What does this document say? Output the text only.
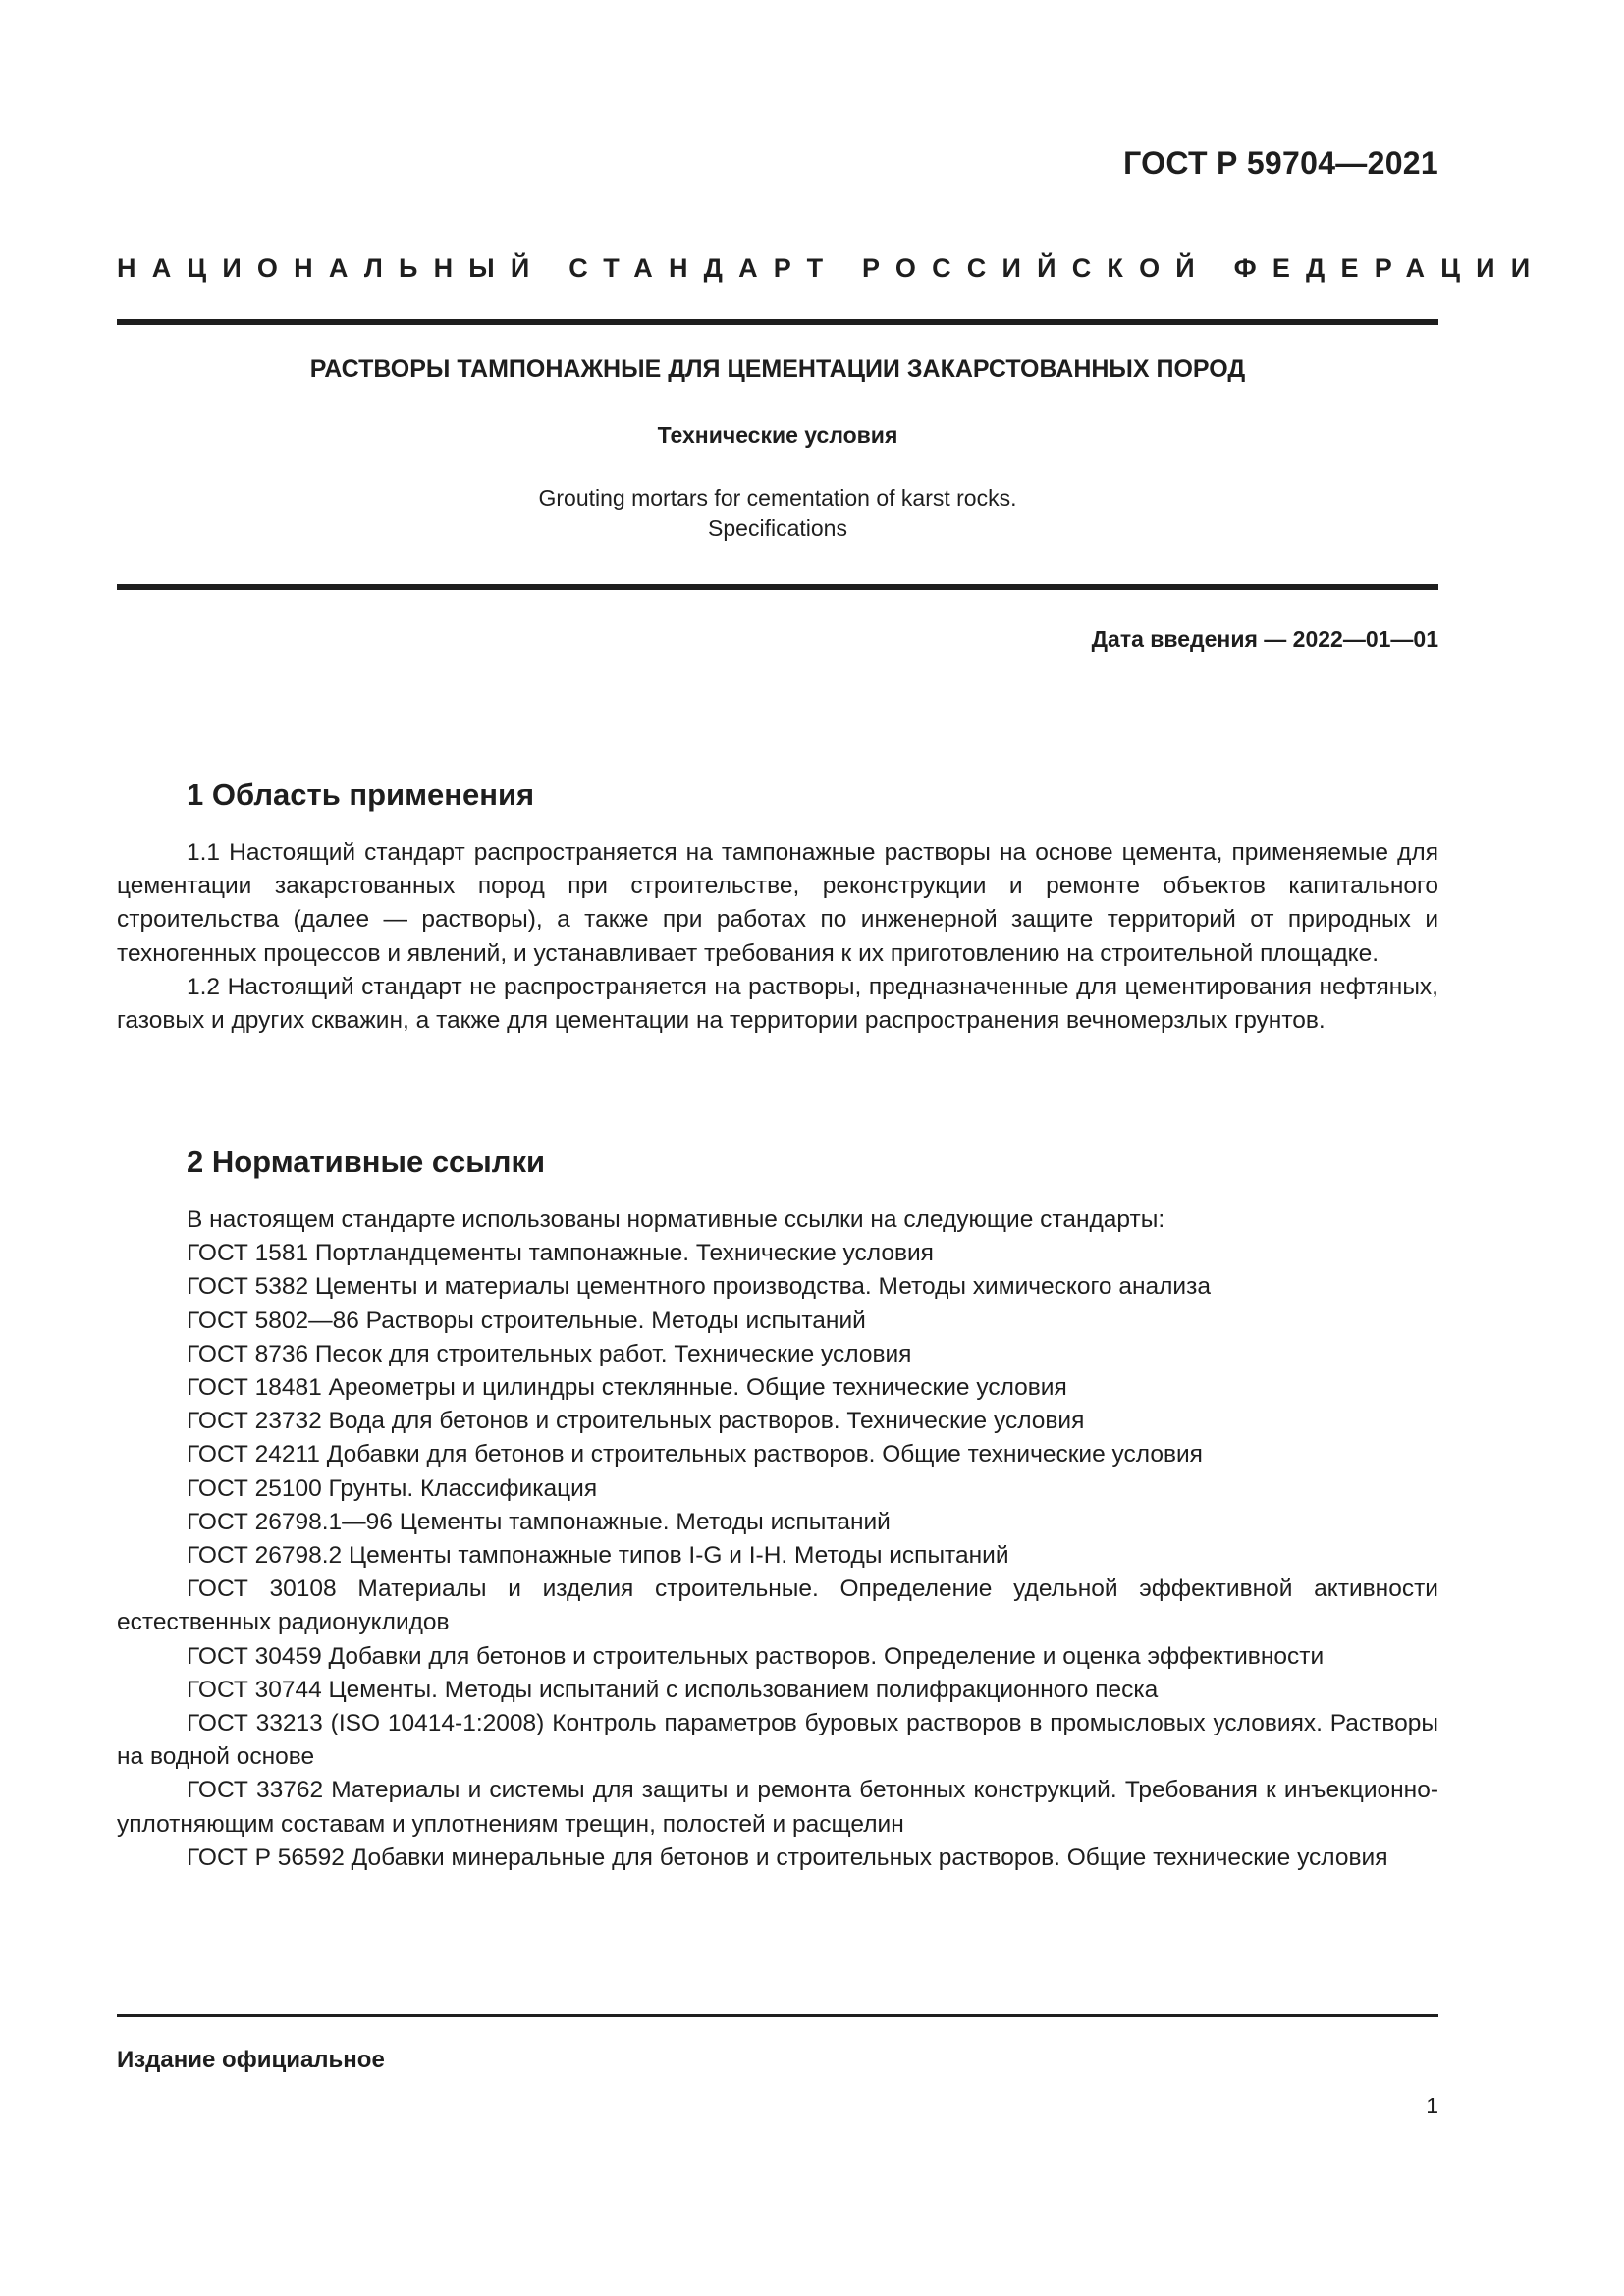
ГОСТ Р 59704—2021
НАЦИОНАЛЬНЫЙ СТАНДАРТ РОССИЙСКОЙ ФЕДЕРАЦИИ
РАСТВОРЫ ТАМПОНАЖНЫЕ ДЛЯ ЦЕМЕНТАЦИИ ЗАКАРСТОВАННЫХ ПОРОД
Технические условия
Grouting mortars for cementation of karst rocks.
Specifications
Дата введения — 2022—01—01
1 Область применения

1.1 Настоящий стандарт распространяется на тампонажные растворы на основе цемента, применяемые для цементации закарстованных пород при строительстве, реконструкции и ремонте объектов капитального строительства (далее — растворы), а также при работах по инженерной защите территорий от природных и техногенных процессов и явлений, и устанавливает требования к их приготовлению на строительной площадке.

1.2 Настоящий стандарт не распространяется на растворы, предназначенные для цементирования нефтяных, газовых и других скважин, а также для цементации на территории распространения вечномерзлых грунтов.

2 Нормативные ссылки
В настоящем стандарте использованы нормативные ссылки на следующие стандарты:
ГОСТ 1581 Портландцементы тампонажные. Технические условия
ГОСТ 5382 Цементы и материалы цементного производства. Методы химического анализа
ГОСТ 5802—86 Растворы строительные. Методы испытаний
ГОСТ 8736 Песок для строительных работ. Технические условия
ГОСТ 18481 Ареометры и цилиндры стеклянные. Общие технические условия
ГОСТ 23732 Вода для бетонов и строительных растворов. Технические условия
ГОСТ 24211 Добавки для бетонов и строительных растворов. Общие технические условия
ГОСТ 25100 Грунты. Классификация
ГОСТ 26798.1—96 Цементы тампонажные. Методы испытаний
ГОСТ 26798.2 Цементы тампонажные типов I-G и I-H. Методы испытаний

ГОСТ 30108 Материалы и изделия строительные. Определение удельной эффективной активности естественных радионуклидов

ГОСТ 30459 Добавки для бетонов и строительных растворов. Определение и оценка эффективности

ГОСТ 30744 Цементы. Методы испытаний с использованием полифракционного песка

ГОСТ 33213 (ISO 10414-1:2008) Контроль параметров буровых растворов в промысловых условиях. Растворы на водной основе

ГОСТ 33762 Материалы и системы для защиты и ремонта бетонных конструкций. Требования к инъекционно-уплотняющим составам и уплотнениям трещин, полостей и расщелин

ГОСТ Р 56592 Добавки минеральные для бетонов и строительных растворов. Общие технические условия

Издание официальное
1
